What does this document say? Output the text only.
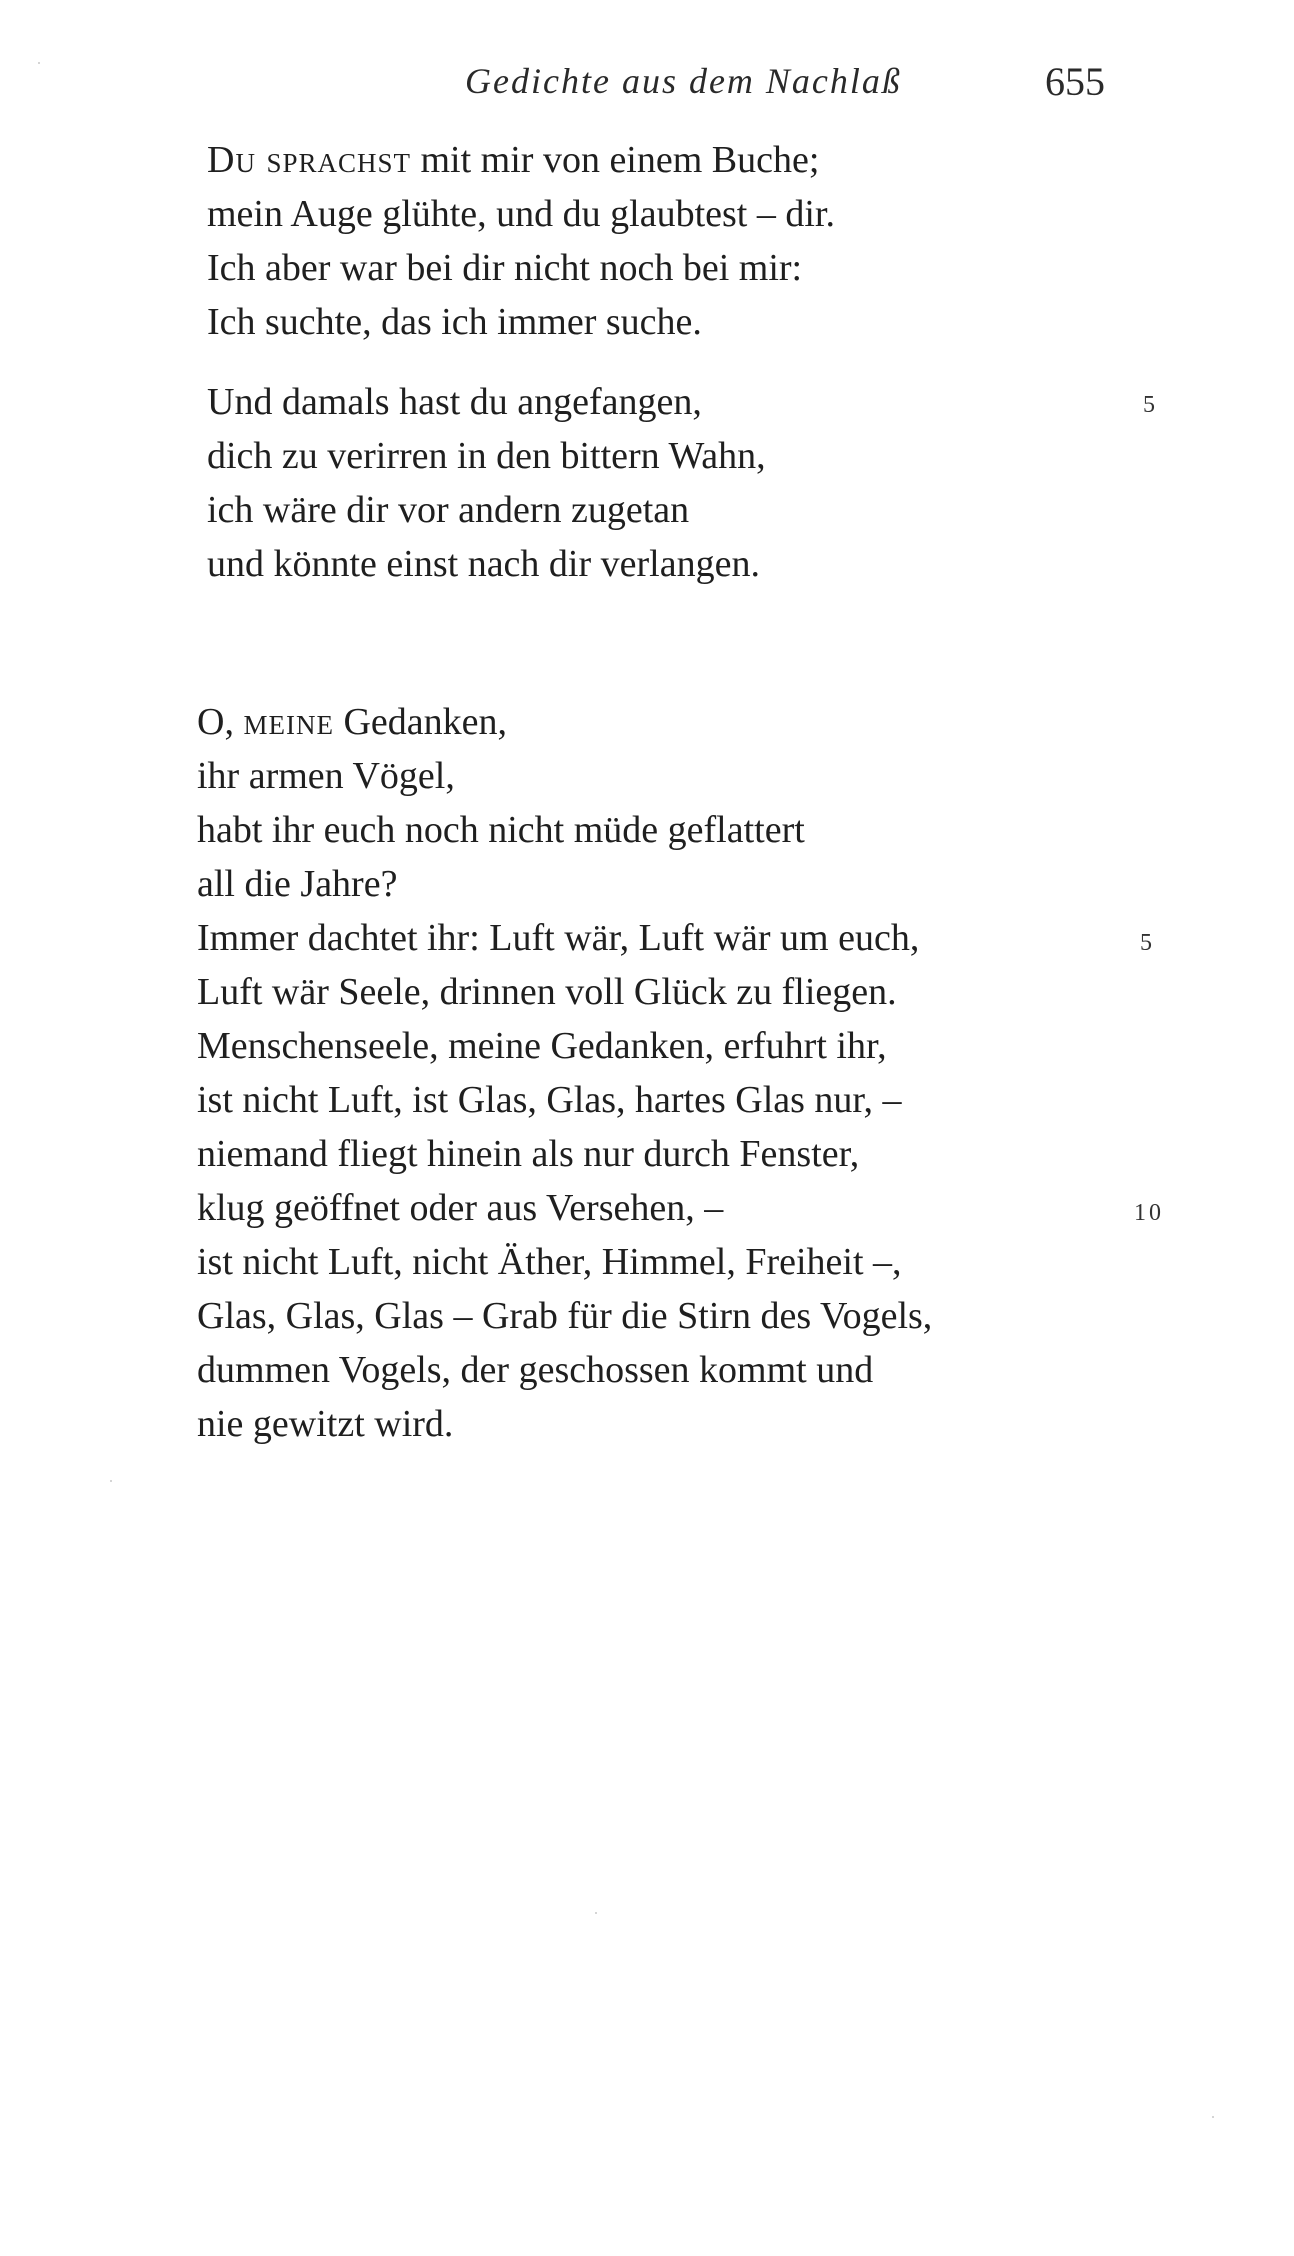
Gedichte aus dem Nachlaß	655
Du sprachst mit mir von einem Buche;
mein Auge glühte, und du glaubtest – dir.
Ich aber war bei dir nicht noch bei mir:
Ich suchte, das ich immer suche.
Und damals hast du angefangen,	5
dich zu verirren in den bittern Wahn,
ich wäre dir vor andern zugetan
und könnte einst nach dir verlangen.
O, meine Gedanken,
ihr armen Vögel,
habt ihr euch noch nicht müde geflattert
all die Jahre?
Immer dachtet ihr: Luft wär, Luft wär um euch,	5
Luft wär Seele, drinnen voll Glück zu fliegen.
Menschenseele, meine Gedanken, erfuhrt ihr,
ist nicht Luft, ist Glas, Glas, hartes Glas nur, –
niemand fliegt hinein als nur durch Fenster,
klug geöffnet oder aus Versehen, –	10
ist nicht Luft, nicht Äther, Himmel, Freiheit –,
Glas, Glas, Glas – Grab für die Stirn des Vogels,
dummen Vogels, der geschossen kommt und
nie gewitzt wird.
